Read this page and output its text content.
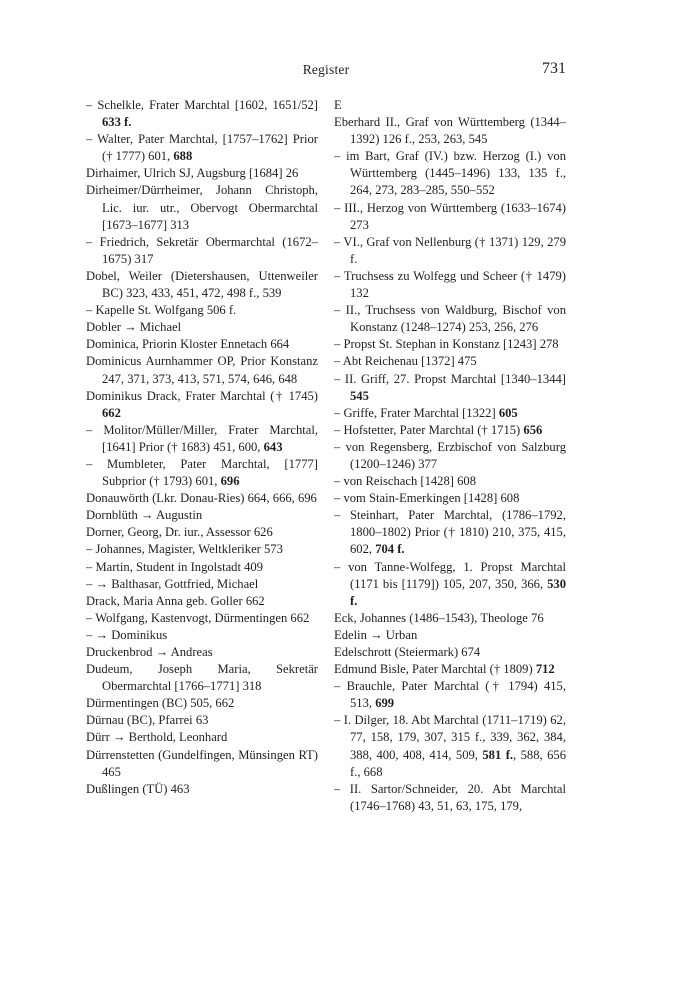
Register	731

– Schelkle, Frater Marchtal [1602, 1651/52] 633 f.

– Walter, Pater Marchtal, [1757–1762] Prior († 1777) 601, 688

Dirhaimer, Ulrich SJ, Augsburg [1684] 26

Dirheimer/Dürrheimer, Johann Christoph, Lic. iur. utr., Obervogt Obermarchtal [1673–1677] 313

– Friedrich, Sekretär Obermarchtal (1672–1675) 317

Dobel, Weiler (Dietershausen, Uttenweiler BC) 323, 433, 451, 472, 498 f., 539

– Kapelle St. Wolfgang 506 f.

Dobler → Michael

Dominica, Priorin Kloster Ennetach 664

Dominicus Aurnhammer OP, Prior Konstanz 247, 371, 373, 413, 571, 574, 646, 648

Dominikus Drack, Frater Marchtal († 1745) 662

– Molitor/Müller/Miller, Frater Marchtal, [1641] Prior († 1683) 451, 600, 643

– Mumbleter, Pater Marchtal, [1777] Subprior († 1793) 601, 696

Donauwörth (Lkr. Donau-Ries) 664, 666, 696

Dornblüth → Augustin

Dorner, Georg, Dr. iur., Assessor 626

– Johannes, Magister, Weltkleriker 573

– Martin, Student in Ingolstadt 409

– → Balthasar, Gottfried, Michael

Drack, Maria Anna geb. Goller 662

– Wolfgang, Kastenvogt, Dürmentingen 662

– → Dominikus

Druckenbrod → Andreas

Dudeum, Joseph Maria, Sekretär Obermarchtal [1766–1771] 318

Dürmentingen (BC) 505, 662

Dürnau (BC), Pfarrei 63

Dürr → Berthold, Leonhard

Dürrenstetten (Gundelfingen, Münsingen RT) 465

Dußlingen (TÜ) 463

E

Eberhard II., Graf von Württemberg (1344–1392) 126 f., 253, 263, 545

– im Bart, Graf (IV.) bzw. Herzog (I.) von Württemberg (1445–1496) 133, 135 f., 264, 273, 283–285, 550–552

– III., Herzog von Württemberg (1633–1674) 273

– VI., Graf von Nellenburg († 1371) 129, 279 f.

– Truchsess zu Wolfegg und Scheer († 1479) 132

– II., Truchsess von Waldburg, Bischof von Konstanz (1248–1274) 253, 256, 276

– Propst St. Stephan in Konstanz [1243] 278

– Abt Reichenau [1372] 475

– II. Griff, 27. Propst Marchtal [1340–1344] 545

– Griffe, Frater Marchtal [1322] 605

– Hofstetter, Pater Marchtal († 1715) 656

– von Regensberg, Erzbischof von Salzburg (1200–1246) 377

– von Reischach [1428] 608

– vom Stain-Emerkingen [1428] 608

– Steinhart, Pater Marchtal, (1786–1792, 1800–1802) Prior († 1810) 210, 375, 415, 602, 704 f.

– von Tanne-Wolfegg, 1. Propst Marchtal (1171 bis [1179]) 105, 207, 350, 366, 530 f.

Eck, Johannes (1486–1543), Theologe 76

Edelin → Urban

Edelschrott (Steiermark) 674

Edmund Bisle, Pater Marchtal († 1809) 712

– Brauchle, Pater Marchtal († 1794) 415, 513, 699

– I. Dilger, 18. Abt Marchtal (1711–1719) 62, 77, 158, 179, 307, 315 f., 339, 362, 384, 388, 400, 408, 414, 509, 581 f., 588, 656 f., 668

– II. Sartor/Schneider, 20. Abt Marchtal (1746–1768) 43, 51, 63, 175, 179,
